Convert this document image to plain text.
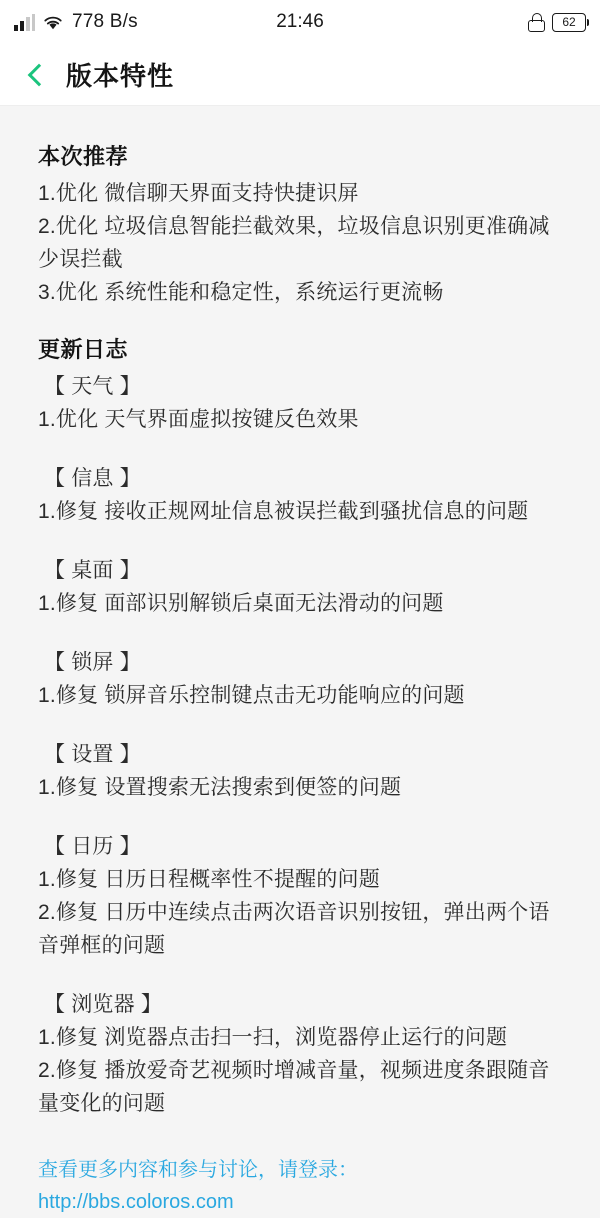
778 B/s	21:46	62
版本特性
本次推荐

1.优化 微信聊天界面支持快捷识屏

2.优化 垃圾信息智能拦截效果，垃圾信息识别更准确减少误拦截

3.优化 系统性能和稳定性，系统运行更流畅

更新日志

【 天气 】

1.优化 天气界面虚拟按键反色效果

【 信息 】

1.修复 接收正规网址信息被误拦截到骚扰信息的问题

【 桌面 】

1.修复 面部识别解锁后桌面无法滑动的问题

【 锁屏 】

1.修复 锁屏音乐控制键点击无功能响应的问题

【 设置 】

1.修复 设置搜索无法搜索到便签的问题

【 日历 】

1.修复 日历日程概率性不提醒的问题

2.修复 日历中连续点击两次语音识别按钮，弹出两个语音弹框的问题

【 浏览器 】

1.修复 浏览器点击扫一扫，浏览器停止运行的问题

2.修复 播放爱奇艺视频时增减音量，视频进度条跟随音量变化的问题

查看更多内容和参与讨论，请登录：

http://bbs.coloros.com
